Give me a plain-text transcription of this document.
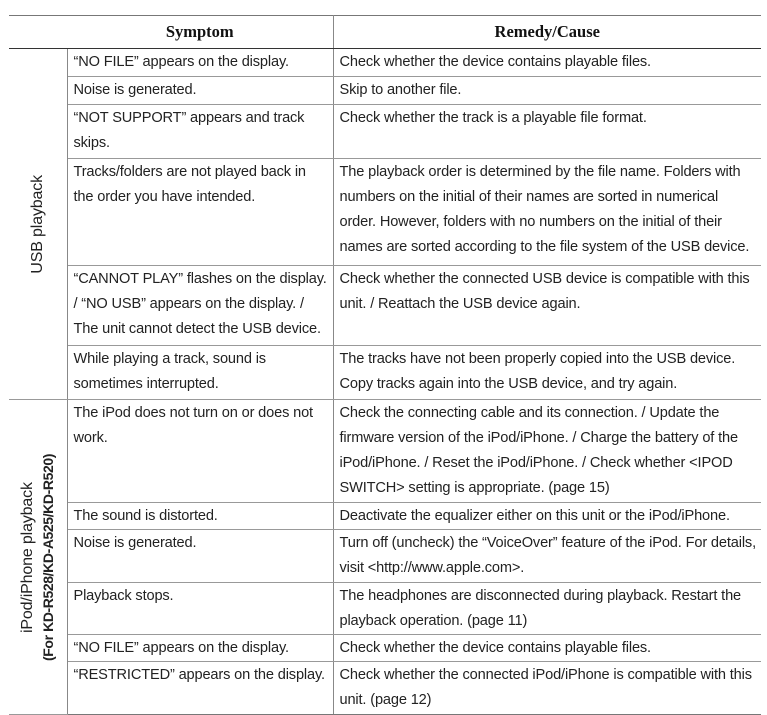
	Symptom	Remedy/Cause

USB playback	“NO FILE” appears on the display.	Check whether the device contains playable files.
	Noise is generated.	Skip to another file.
	“NOT SUPPORT” appears and track skips.	Check whether the track is a playable file format.
	Tracks/folders are not played back in the order you have intended.	The playback order is determined by the file name. Folders with numbers on the initial of their names are sorted in numerical order. However, folders with no numbers on the initial of their names are sorted according to the file system of the USB device.
	“CANNOT PLAY” flashes on the display. / “NO USB” appears on the display. / The unit cannot detect the USB device.	Check whether the connected USB device is compatible with this unit. / Reattach the USB device again.
	While playing a track, sound is sometimes interrupted.	The tracks have not been properly copied into the USB device. Copy tracks again into the USB device, and try again.

iPod/iPhone playback (For KD-R528/KD-A525/KD-R520)	The iPod does not turn on or does not work.	Check the connecting cable and its connection. / Update the firmware version of the iPod/iPhone. / Charge the battery of the iPod/iPhone. / Reset the iPod/iPhone. / Check whether <IPOD SWITCH> setting is appropriate. (page 15)
	The sound is distorted.	Deactivate the equalizer either on this unit or the iPod/iPhone.
	Noise is generated.	Turn off (uncheck) the “VoiceOver” feature of the iPod. For details, visit <http://www.apple.com>.
	Playback stops.	The headphones are disconnected during playback. Restart the playback operation. (page 11)
	“NO FILE” appears on the display.	Check whether the device contains playable files.
	“RESTRICTED” appears on the display.	Check whether the connected iPod/iPhone is compatible with this unit. (page 12)
